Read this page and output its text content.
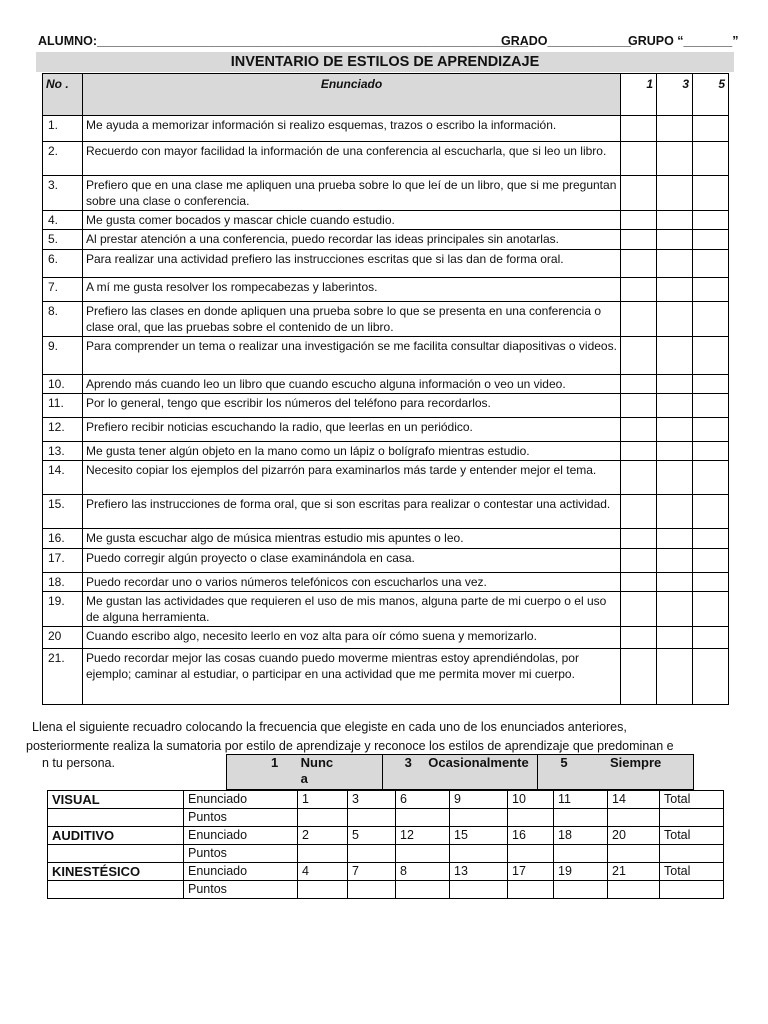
ALUMNO:______________________________________________________________
GRADO____________
GRUPO “_______”
INVENTARIO DE ESTILOS DE APRENDIZAJE
No .	Enunciado	1	3	5
1.	Me ayuda a memorizar información si realizo esquemas, trazos o escribo la información.			
2.	Recuerdo con mayor facilidad la información de una conferencia al escucharla, que si leo un libro.			
3.	Prefiero que en una clase me apliquen una prueba sobre lo que leí de un libro, que si me preguntan sobre una clase o conferencia.			
4.	Me gusta comer bocados y mascar chicle cuando estudio.			
5.	Al prestar atención a una conferencia, puedo recordar las ideas principales sin anotarlas.			
6.	Para realizar una actividad prefiero las instrucciones escritas que si las dan de forma oral.			
7.	A mí me gusta resolver los rompecabezas y laberintos.			
8.	Prefiero las clases en donde apliquen una prueba sobre lo que se presenta en una conferencia o clase oral, que las pruebas sobre el contenido de un libro.			
9.	Para comprender un tema o realizar una investigación se me facilita consultar diapositivas o videos.			
10.	Aprendo más cuando leo un libro que cuando escucho alguna información o veo un video.			
11.	Por lo general, tengo que escribir los números del teléfono para recordarlos.			
12.	Prefiero recibir noticias escuchando la radio, que leerlas en un periódico.			
13.	Me gusta tener algún objeto en la mano como un lápiz o bolígrafo mientras estudio.			
14.	Necesito copiar los ejemplos del pizarrón para examinarlos más tarde y entender mejor el tema.			
15.	Prefiero las instrucciones de forma oral, que si son escritas para realizar o contestar una actividad.			
16.	Me gusta escuchar algo de música mientras estudio mis apuntes o leo.			
17.	Puedo corregir algún proyecto o clase examinándola en casa.			
18.	Puedo recordar uno o varios números telefónicos con escucharlos una vez.			
19.	Me gustan las actividades que requieren el uso de mis manos, alguna parte de mi cuerpo o el uso de alguna herramienta.			
20	Cuando escribo algo, necesito leerlo en voz alta para oír cómo suena y memorizarlo.			
21.	Puedo recordar mejor las cosas cuando puedo moverme mientras estoy aprendiéndolas, por ejemplo; caminar al estudiar, o participar en una actividad que me permita mover mi cuerpo.			
Llena el siguiente recuadro colocando la frecuencia que elegiste en cada uno de los enunciados anteriores,
posteriormente realiza la sumatoria por estilo de aprendizaje y reconoce los estilos de aprendizaje que predominan e
n tu persona.	1 Nunc a	3 Ocasionalmente	5	Siempre
VISUAL	Enunciado	1	3	6	9	10	11	14	Total
	Puntos								
AUDITIVO	Enunciado	2	5	12	15	16	18	20	Total
	Puntos								
KINESTÉSICO	Enunciado	4	7	8	13	17	19	21	Total
	Puntos								
